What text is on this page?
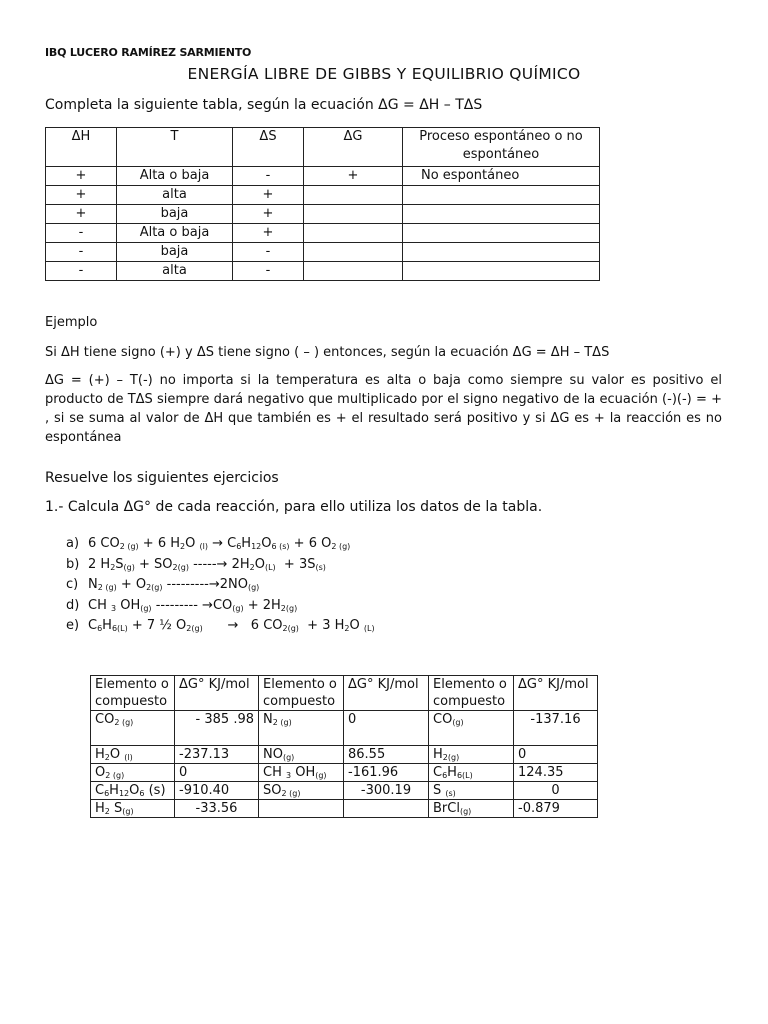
IBQ LUCERO RAMÍREZ SARMIENTO
ENERGÍA LIBRE DE GIBBS Y EQUILIBRIO QUÍMICO
Completa la siguiente tabla, según la ecuación ΔG = ΔH – TΔS
ΔH	T	ΔS	ΔG	Proceso espontáneo o no espontáneo
+	Alta o baja	-	+	No espontáneo
+	alta	+		
+	baja	+		
-	Alta o baja	+		
-	baja	-		
-	alta	-		
Ejemplo
Si ΔH tiene signo (+) y ΔS tiene signo ( – ) entonces, según la ecuación ΔG = ΔH – TΔS
ΔG = (+) – T(-) no importa si la temperatura es alta o baja como siempre su valor es positivo el producto de TΔS siempre dará negativo que multiplicado por el signo negativo de la ecuación (-)(-) = + , si se suma al valor de ΔH que también es + el resultado será positivo y si ΔG es + la reacción es no espontánea
Resuelve los siguientes ejercicios
1.- Calcula ΔG° de cada reacción, para ello utiliza los datos de la tabla.
a) 6 $CO_{2 (g)} + 6$ $H_2O$ $_{(l)} \to C_6H_{12}O_{6 (s)} + 6$ $O_{2 (g)}$
b) 2 $H_2S_{(g)} + SO_{2(g)}$ -----→ $2H_2O_{(L)} + 3S_{(s)}$
c) $N_{2 (g)} + O_{2(g)}$ $---------\to 2NO_{(g)}$
d) CH $_3$ $OH_{(g)}$ --------- $\to CO_{(g)} + 2H_{2(g)}$
e) $C_6H_{6(L)} + 7$ ½ $O_{2(g)}$      →   6 $CO_{2(g)} + 3$ $H_2O$ $_{(L)}$
Elemento o compuesto	ΔG° KJ/mol	Elemento o compuesto	ΔG° KJ/mol	Elemento o compuesto	ΔG° KJ/mol
$CO_{2 (g)}$	- 385 .98	$N_{2 (g)}$	0	$CO_{(g)}$	-137.16
$H_2O$ $_{(l)}$	-237.13	$NO_{(g)}$	86.55	$H_{2(g)}$	0
$O_{2 (g)}$	0	CH $_3$ $OH_{(g)}$	-161.96	$C_6H_{6(L)}$	124.35
$C_6H_{12}O_6$ (s)	-910.40	$SO_{2 (g)}$	-300.19	S $_{(s)}$	0
$H_2$ $S_{(g)}$	-33.56			BrCl$_{(g)}$	-0.879
